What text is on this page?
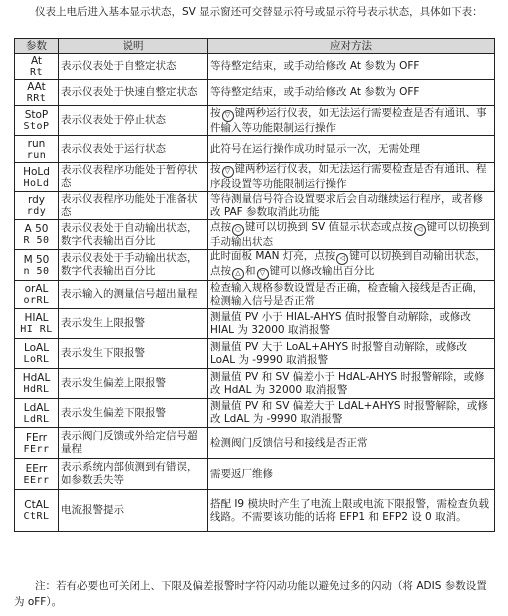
仪表上电后进入基本显示状态，SV 显示窗还可交替显示符号或显示符号表示状态，具体如下表：

参数	说明	应对方法

At
Rt	表示仪表处于自整定状态	等待整定结束，或手动给修改 At 参数为 OFF

AAt
RRt	表示仪表处于快速自整定状态	等待整定结束，或手动给修改 At 参数为 OFF

StoP
StoP	表示仪表处于停止状态	按 ▽ 键两秒运行仪表，如无法运行需要检查是否有通讯、事件输入等功能限制运行操作

run
run	表示仪表处于运行状态	此符号在运行操作成功时显示一次，无需处理

HoLd
HoLd	表示仪表程序功能处于暂停状态	按 ▽ 键两秒运行仪表，如无法运行需要检查是否有通讯、程序段设置等功能限制运行操作

rdy
rdy	表示仪表程序功能处于准备状态	等待测量信号符合设置要求后会自动继续运行程序，或者修改 PAF 参数取消此功能

A 50
R 50	表示仪表处于自动输出状态，数字代表输出百分比	点按 ○ 键可以切换到 SV 值显示状态或点按 ◁ 键可以切换到手动输出状态

M 50
n 50	表示仪表处于手动输出状态，数字代表输出百分比	此时面板 MAN 灯亮，点按 ◁ 键可以切换到自动输出状态，点按 △ 和 ▽ 键可以修改输出百分比

orAL
orRL	表示输入的测量信号超出量程	检查输入规格参数设置是否正确，检查输入接线是否正确，检测输入信号是否正常

HIAL
HI RL	表示发生上限报警	测量值 PV 小于 HIAL-AHYS 值时报警自动解除，或修改 HIAL 为 32000 取消报警

LoAL
LoRL	表示发生下限报警	测量值 PV 大于 LoAL+AHYS 时报警自动解除，或修改 LoAL 为 -9990 取消报警

HdAL
HdRL	表示发生偏差上限报警	测量值 PV 和 SV 偏差小于 HdAL-AHYS 时报警解除，或修改 HdAL 为 32000 取消报警

LdAL
LdRL	表示发生偏差下限报警	测量值 PV 和 SV 偏差大于 LdAL+AHYS 时报警解除，或修改 LdAL 为 -9990 取消报警

FErr
FErr	表示阀门反馈或外给定信号超量程	检测阀门反馈信号和接线是否正常

EErr
EErr	表示系统内部侦测到有错误，如参数丢失等	需要返厂维修

CtAL
CtRL	电流报警提示	搭配 I9 模块时产生了电流上限或电流下限报警，需检查负载线路。不需要该功能的话将 EFP1 和 EFP2 设 0 取消。

注：若有必要也可关闭上、下限及偏差报警时字符闪动功能以避免过多的闪动（将 ADIS 参数设置为 oFF）。
